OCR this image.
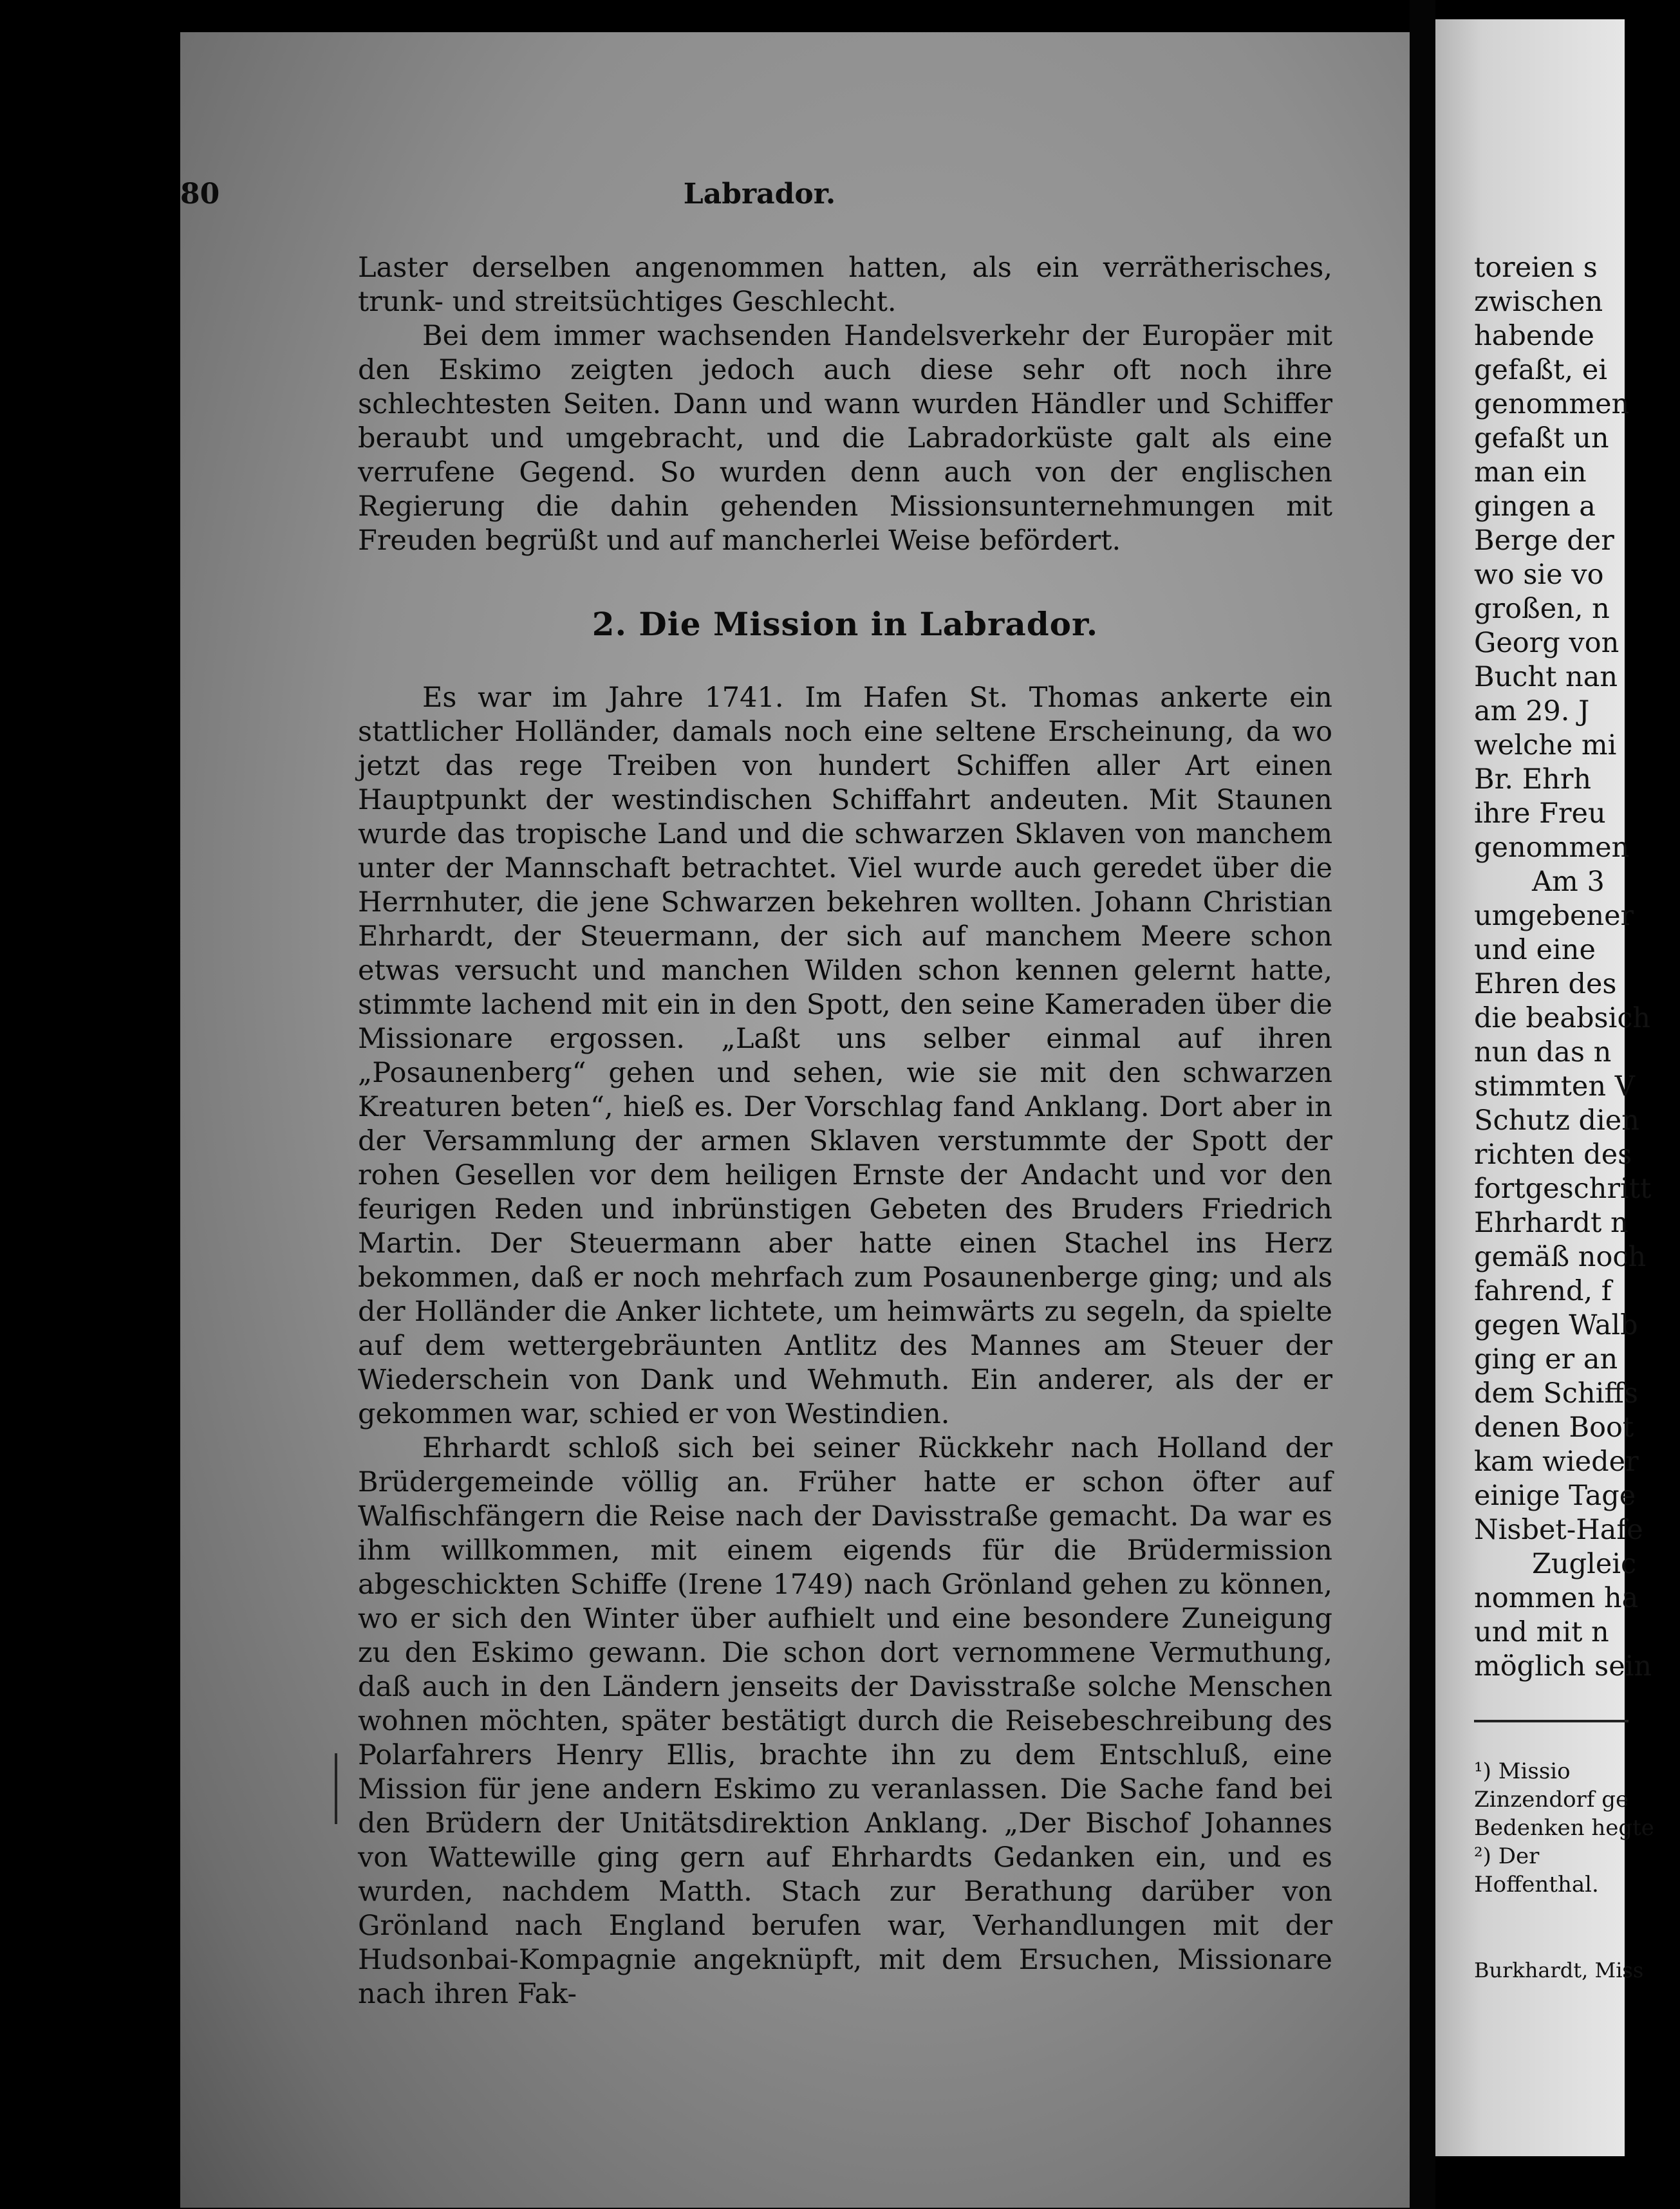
toreien s
zwischen
habende
gefaßt, ei
genommen
gefaßt un
man ein
gingen a
Berge der
wo sie vo
großen, n
Georg von
Bucht nan
am 29. J
welche mi
Br. Ehrh
ihre Freu
genommen
Am 3
umgebener
und eine
Ehren des
die beabsich
nun das n
stimmten V
Schutz dien
richten des
fortgeschritt
Ehrhardt n
gemäß noch
fahrend, f
gegen Walb
ging er an
dem Schiffs
denen Boot
kam wieder
einige Tage
Nisbet-Hafe
Zugleic
nommen ha
und mit n
möglich sein
¹) Missio
Zinzendorf ge
Bedenken hegte
²) Der
Hoffenthal.
Burkhardt, Miss
80	Labrador.

Laster derselben angenommen hatten, als ein verrätherisches, trunk- und streitsüchtiges Geschlecht.

Bei dem immer wachsenden Handelsverkehr der Europäer mit den Eskimo zeigten jedoch auch diese sehr oft noch ihre schlechtesten Seiten. Dann und wann wurden Händler und Schiffer beraubt und umgebracht, und die Labradorküste galt als eine verrufene Gegend. So wurden denn auch von der englischen Regierung die dahin gehenden Missionsunternehmungen mit Freuden begrüßt und auf mancherlei Weise befördert.

2. Die Mission in Labrador.

Es war im Jahre 1741. Im Hafen St. Thomas ankerte ein stattlicher Holländer, damals noch eine seltene Erscheinung, da wo jetzt das rege Treiben von hundert Schiffen aller Art einen Hauptpunkt der westindischen Schiffahrt andeuten. Mit Staunen wurde das tropische Land und die schwarzen Sklaven von manchem unter der Mannschaft betrachtet. Viel wurde auch geredet über die Herrnhuter, die jene Schwarzen bekehren wollten. Johann Christian Ehrhardt, der Steuermann, der sich auf manchem Meere schon etwas versucht und manchen Wilden schon kennen gelernt hatte, stimmte lachend mit ein in den Spott, den seine Kameraden über die Missionare ergossen. „Laßt uns selber einmal auf ihren „Posaunenberg“ gehen und sehen, wie sie mit den schwarzen Kreaturen beten“, hieß es. Der Vorschlag fand Anklang. Dort aber in der Versammlung der armen Sklaven verstummte der Spott der rohen Gesellen vor dem heiligen Ernste der Andacht und vor den feurigen Reden und inbrünstigen Gebeten des Bruders Friedrich Martin. Der Steuermann aber hatte einen Stachel ins Herz bekommen, daß er noch mehrfach zum Posaunenberge ging; und als der Holländer die Anker lichtete, um heimwärts zu segeln, da spielte auf dem wettergebräunten Antlitz des Mannes am Steuer der Wiederschein von Dank und Wehmuth. Ein anderer, als der er gekommen war, schied er von Westindien.

Ehrhardt schloß sich bei seiner Rückkehr nach Holland der Brüdergemeinde völlig an. Früher hatte er schon öfter auf Walfischfängern die Reise nach der Davisstraße gemacht. Da war es ihm willkommen, mit einem eigends für die Brüdermission abgeschickten Schiffe (Irene 1749) nach Grönland gehen zu können, wo er sich den Winter über aufhielt und eine besondere Zuneigung zu den Eskimo gewann. Die schon dort vernommene Vermuthung, daß auch in den Ländern jenseits der Davisstraße solche Menschen wohnen möchten, später bestätigt durch die Reisebeschreibung des Polarfahrers Henry Ellis, brachte ihn zu dem Entschluß, eine Mission für jene andern Eskimo zu veranlassen. Die Sache fand bei den Brüdern der Unitätsdirektion Anklang. „Der Bischof Johannes von Wattewille ging gern auf Ehrhardts Gedanken ein, und es wurden, nachdem Matth. Stach zur Berathung darüber von Grönland nach England berufen war, Verhandlungen mit der Hudsonbai-Kompagnie angeknüpft, mit dem Ersuchen, Missionare nach ihren Fak-
